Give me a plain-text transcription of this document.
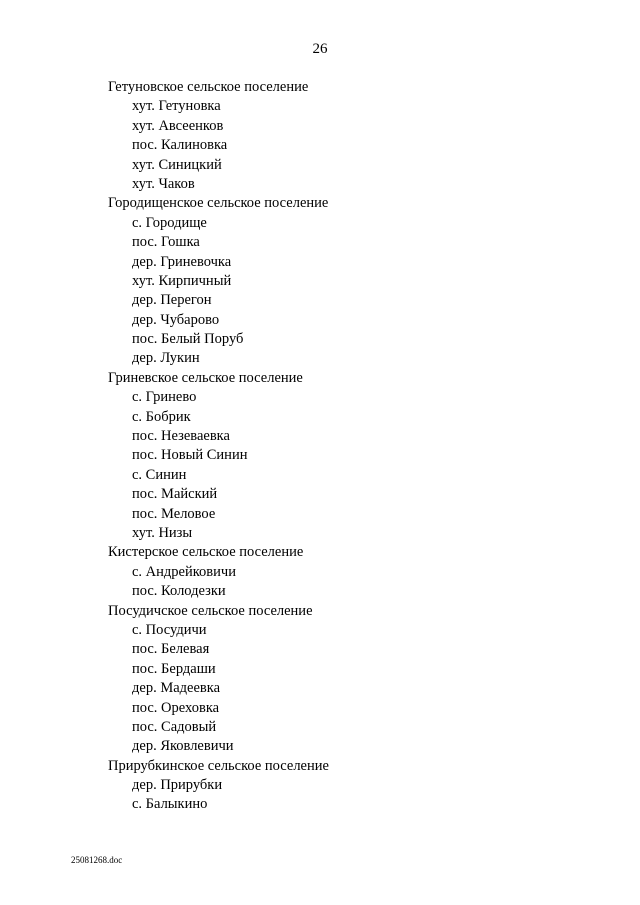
26
Гетуновское сельское поселение
хут. Гетуновка
хут. Авсеенков
пос. Калиновка
хут. Синицкий
хут. Чаков
Городищенское сельское поселение
с. Городище
пос. Гошка
дер. Гриневочка
хут. Кирпичный
дер. Перегон
дер. Чубарово
пос. Белый Поруб
дер. Лукин
Гриневское сельское поселение
с. Гринево
с. Бобрик
пос. Незеваевка
пос. Новый Синин
с. Синин
пос. Майский
пос. Меловое
хут. Низы
Кистерское сельское поселение
с. Андрейковичи
пос. Колодезки
Посудичское сельское поселение
с. Посудичи
пос. Белевая
пос. Бердаши
дер. Мадеевка
пос. Ореховка
пос. Садовый
дер. Яковлевичи
Прирубкинское сельское поселение
дер. Прирубки
с. Балыкино
25081268.doc
